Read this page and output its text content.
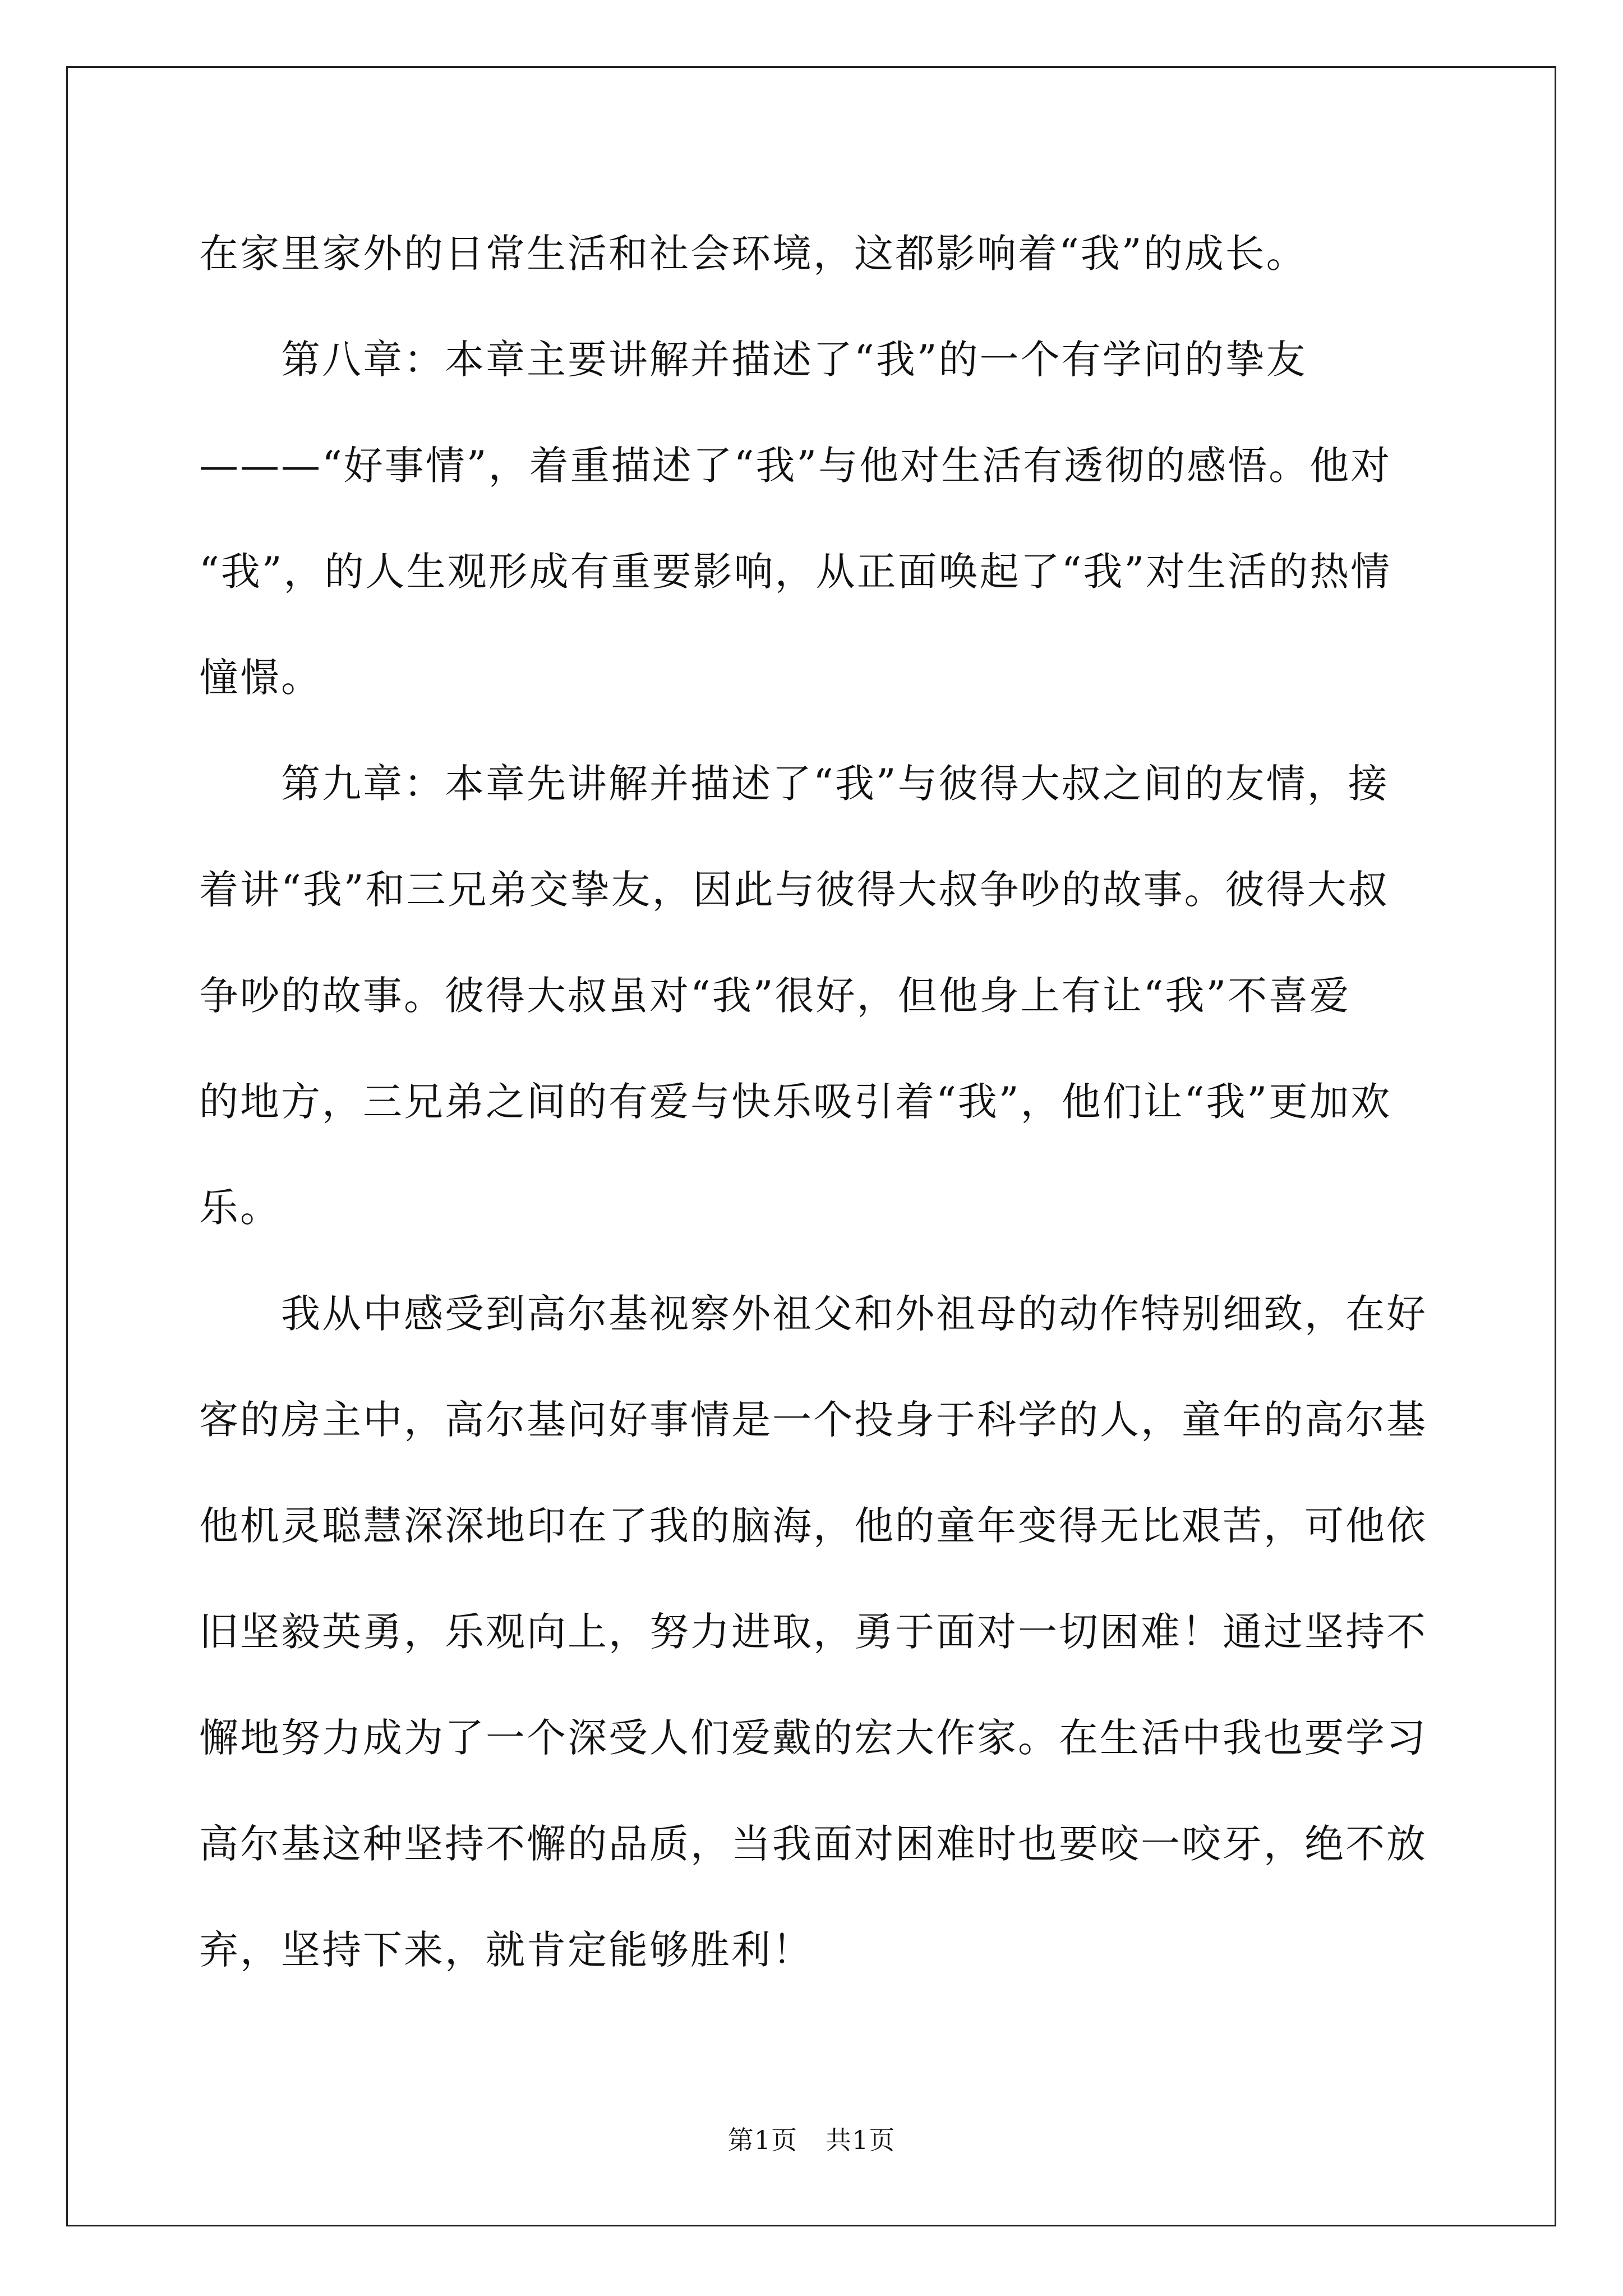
在家里家外的日常生活和社会环境，这都影响着“我”的成长。
　　第八章：本章主要讲解并描述了“我”的一个有学问的挚友
———“好事情”，着重描述了“我”与他对生活有透彻的感悟。他对
“我”，的人生观形成有重要影响，从正面唤起了“我”对生活的热情
憧憬。
　　第九章：本章先讲解并描述了“我”与彼得大叔之间的友情，接
着讲“我”和三兄弟交挚友，因此与彼得大叔争吵的故事。彼得大叔
争吵的故事。彼得大叔虽对“我”很好，但他身上有让“我”不喜爱
的地方，三兄弟之间的有爱与快乐吸引着“我”，他们让“我”更加欢
乐。
　　我从中感受到高尔基视察外祖父和外祖母的动作特别细致，在好
客的房主中，高尔基问好事情是一个投身于科学的人，童年的高尔基
他机灵聪慧深深地印在了我的脑海，他的童年变得无比艰苦，可他依
旧坚毅英勇，乐观向上，努力进取，勇于面对一切困难！通过坚持不
懈地努力成为了一个深受人们爱戴的宏大作家。在生活中我也要学习
高尔基这种坚持不懈的品质，当我面对困难时也要咬一咬牙，绝不放
弃，坚持下来，就肯定能够胜利！
第1页 共1页
